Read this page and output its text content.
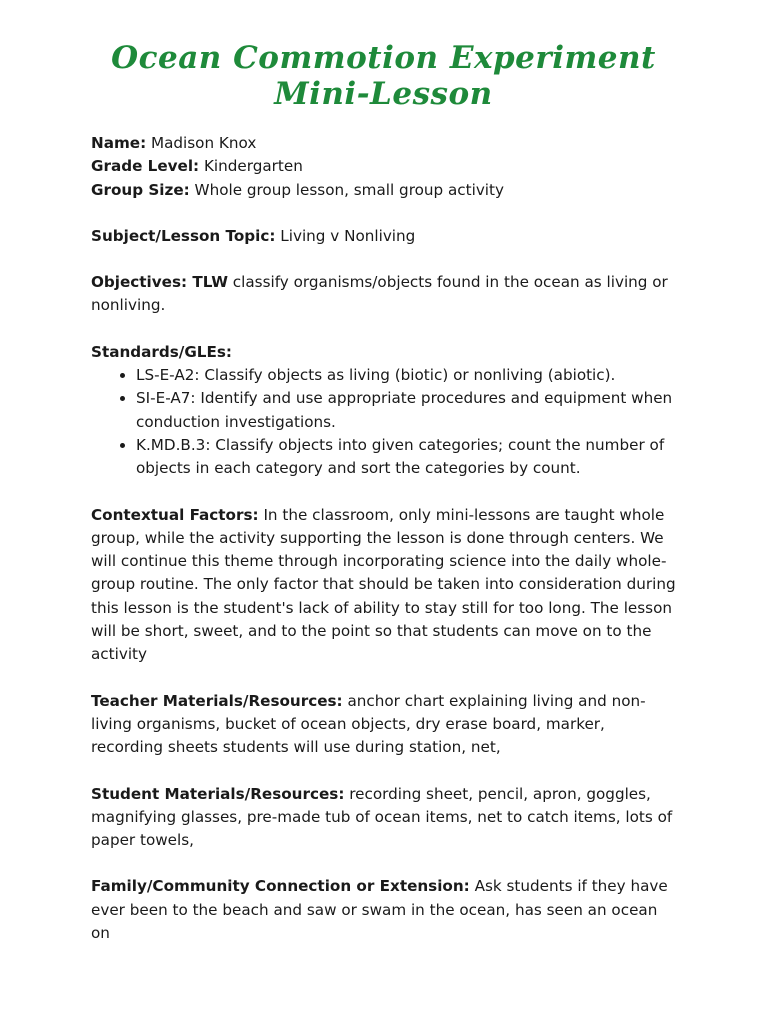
Ocean Commotion Experiment Mini-Lesson
Name: Madison Knox
Grade Level: Kindergarten
Group Size: Whole group lesson, small group activity
Subject/Lesson Topic: Living v Nonliving

Objectives: TLW classify organisms/objects found in the ocean as living or nonliving.

Standards/GLEs:
• LS-E-A2: Classify objects as living (biotic) or nonliving (abiotic).
• SI-E-A7: Identify and use appropriate procedures and equipment when conduction investigations.
• K.MD.B.3: Classify objects into given categories; count the number of objects in each category and sort the categories by count.

Contextual Factors: In the classroom, only mini-lessons are taught whole group, while the activity supporting the lesson is done through centers. We will continue this theme through incorporating science into the daily whole-group routine. The only factor that should be taken into consideration during this lesson is the student's lack of ability to stay still for too long. The lesson will be short, sweet, and to the point so that students can move on to the activity

Teacher Materials/Resources: anchor chart explaining living and non-living organisms, bucket of ocean objects, dry erase board, marker, recording sheets students will use during station, net,

Student Materials/Resources: recording sheet, pencil, apron, goggles, magnifying glasses, pre-made tub of ocean items, net to catch items, lots of paper towels,

Family/Community Connection or Extension: Ask students if they have ever been to the beach and saw or swam in the ocean, has seen an ocean on
